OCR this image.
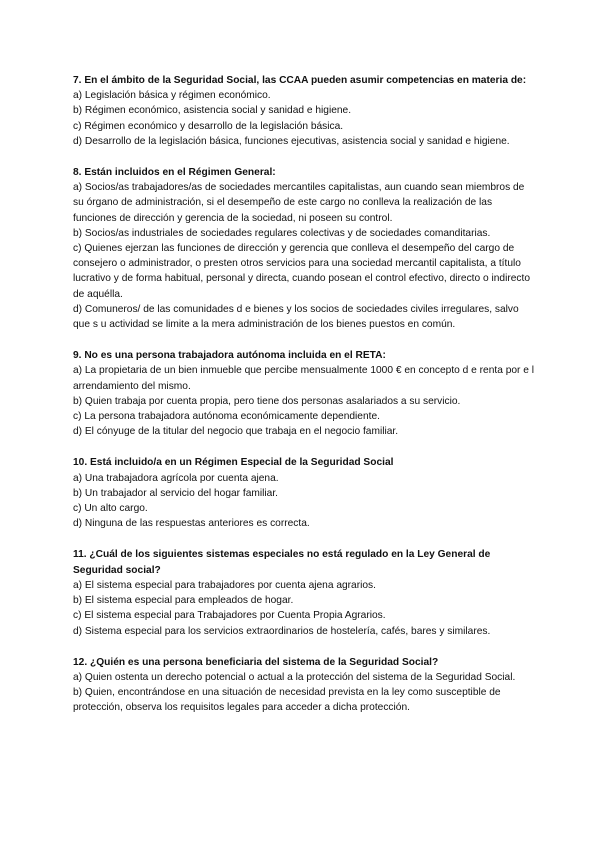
7. En el ámbito de la Seguridad Social, las CCAA pueden asumir competencias en materia de:

a) Legislación básica y régimen económico.

b) Régimen económico, asistencia social y sanidad e higiene.

c) Régimen económico y desarrollo de la legislación básica.

d) Desarrollo de la legislación básica, funciones ejecutivas, asistencia social y sanidad e higiene.

8. Están incluidos en el Régimen General:

a) Socios/as trabajadores/as de sociedades mercantiles capitalistas, aun cuando sean miembros de su órgano de administración, si el desempeño de este cargo no conlleva la realización de las funciones de dirección y gerencia de la sociedad, ni poseen su control.

b) Socios/as industriales de sociedades regulares colectivas y de sociedades comanditarias.

c) Quienes ejerzan las funciones de dirección y gerencia que conlleva el desempeño del cargo de consejero o administrador, o presten otros servicios para una sociedad mercantil capitalista, a título lucrativo y de forma habitual, personal y directa, cuando posean el control efectivo, directo o indirecto de aquélla.

d) Comuneros/ de las comunidades d e bienes y los socios de sociedades civiles irregulares, salvo que s u actividad se limite a la mera administración de los bienes puestos en común.

9. No es una persona trabajadora autónoma incluida en el RETA:

a) La propietaria de un bien inmueble que percibe mensualmente 1000 € en concepto d e renta por e l arrendamiento del mismo.

b) Quien trabaja por cuenta propia, pero tiene dos personas asalariados a su servicio.

c) La persona trabajadora autónoma económicamente dependiente.

d) El cónyuge de la titular del negocio que trabaja en el negocio familiar.

10. Está incluido/a en un Régimen Especial de la Seguridad Social

a) Una trabajadora agrícola por cuenta ajena.

b) Un trabajador al servicio del hogar familiar.

c) Un alto cargo.

d) Ninguna de las respuestas anteriores es correcta.

11. ¿Cuál de los siguientes sistemas especiales no está regulado en la Ley General de Seguridad social?

a) El sistema especial para trabajadores por cuenta ajena agrarios.

b) El sistema especial para empleados de hogar.

c) El sistema especial para Trabajadores por Cuenta Propia Agrarios.

d) Sistema especial para los servicios extraordinarios de hostelería, cafés, bares y similares.

12. ¿Quién es una persona beneficiaria del sistema de la Seguridad Social?

a) Quien ostenta un derecho potencial o actual a la protección del sistema de la Seguridad Social.

b) Quien, encontrándose en una situación de necesidad prevista en la ley como susceptible de protección, observa los requisitos legales para acceder a dicha protección.
